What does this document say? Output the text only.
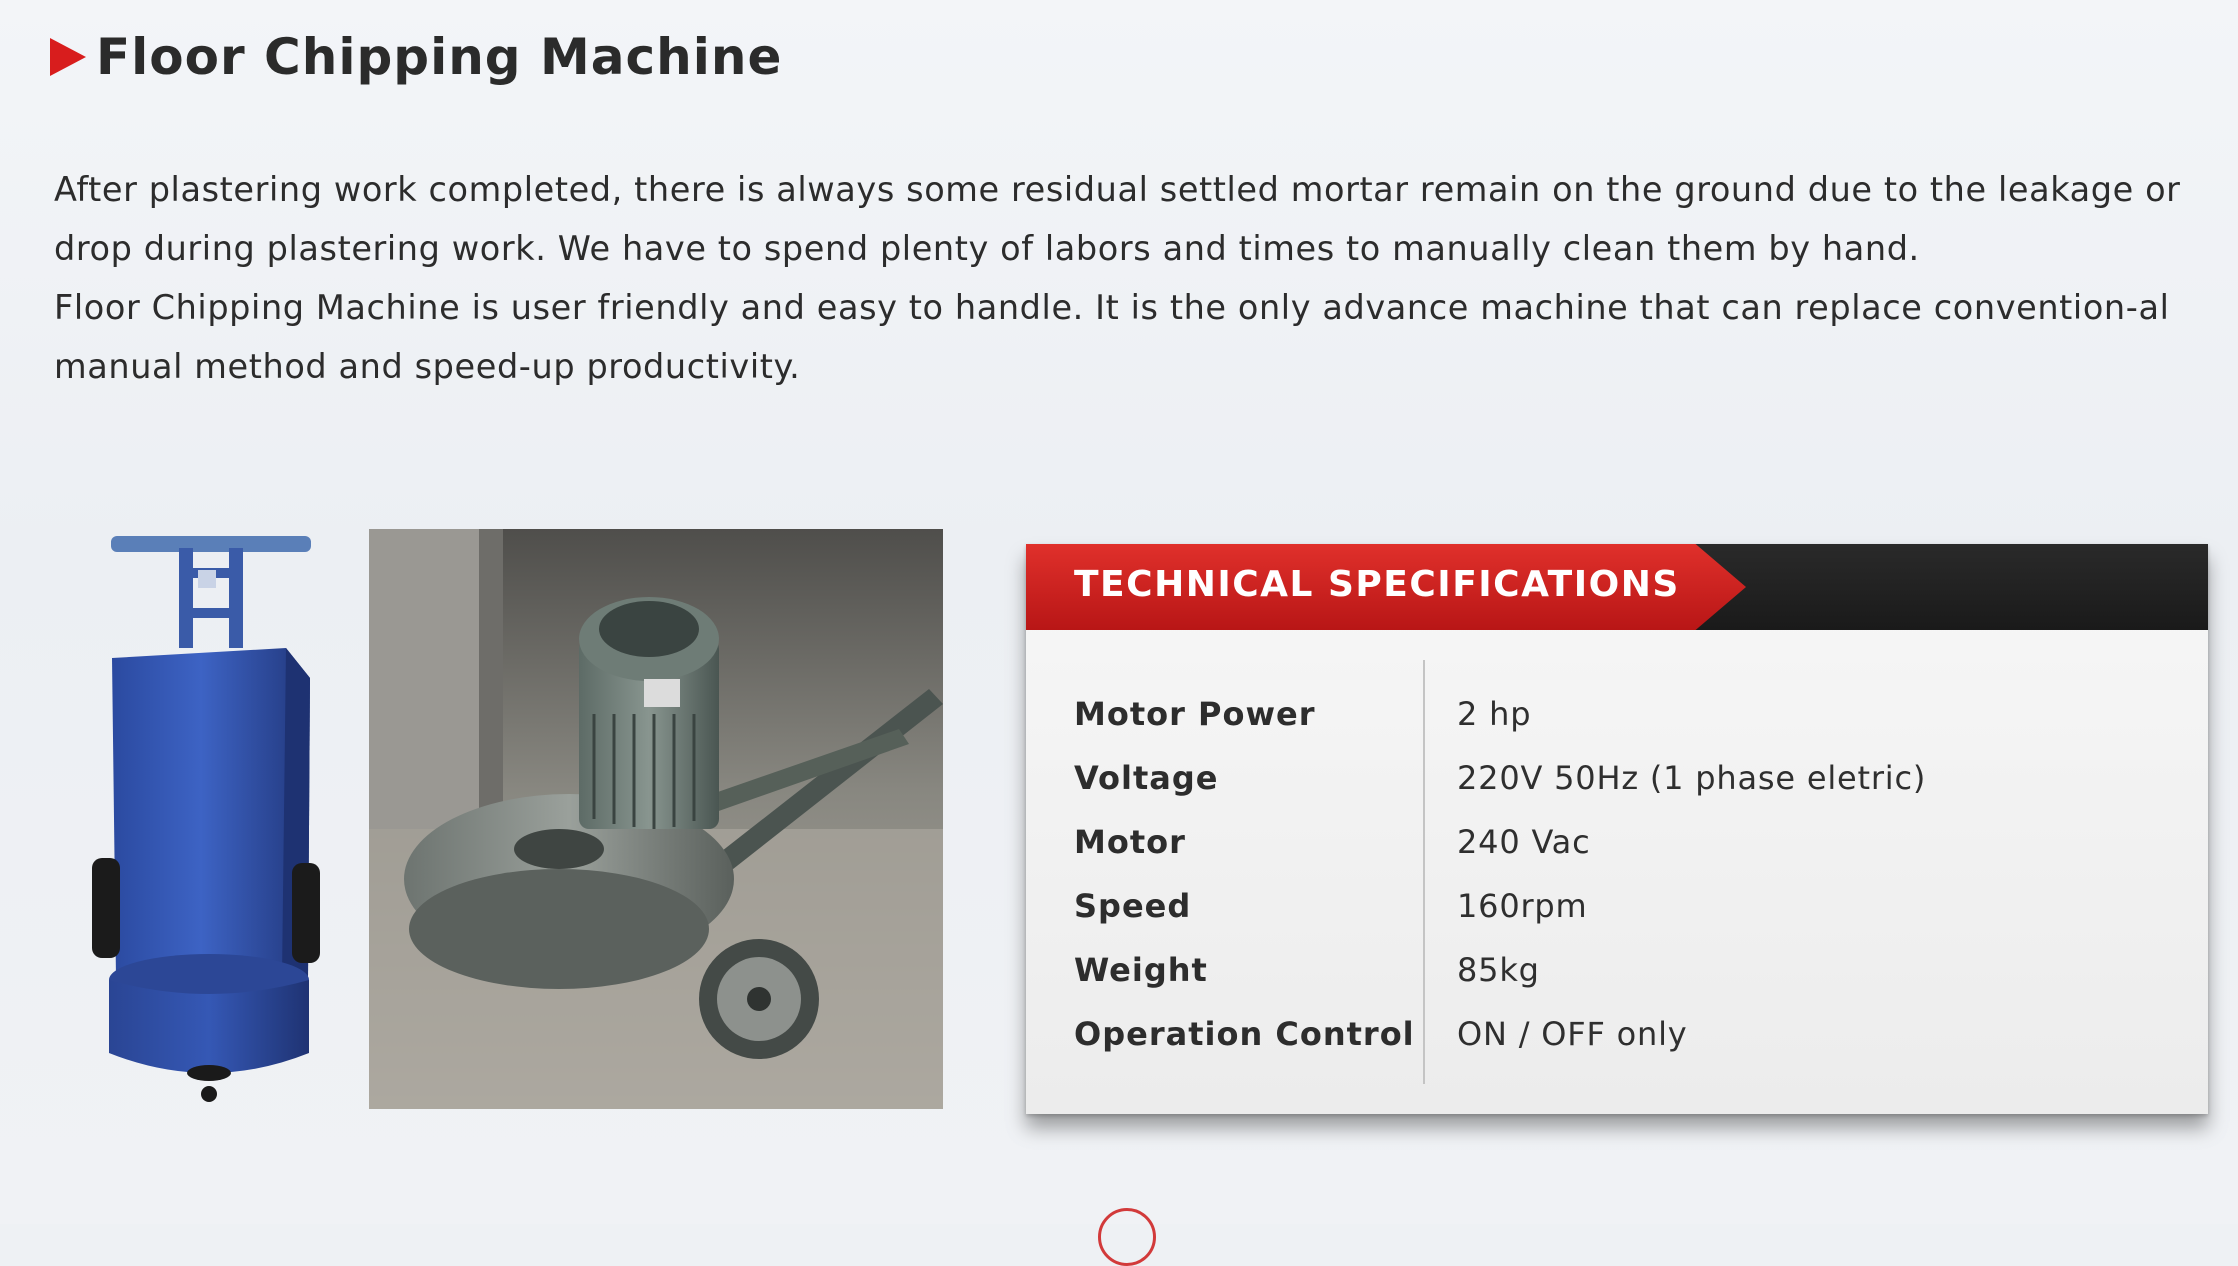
Floor Chipping Machine

After plastering work completed, there is always some residual settled mortar remain on the ground due to the leakage or drop during plastering work. We have to spend plenty of labors and times to manually clean them by hand.

Floor Chipping Machine is user friendly and easy to handle. It is the only advance machine that can replace convention-al manual method and speed-up productivity.

TECHNICAL SPECIFICATIONS
Motor Power	2 hp
Voltage	220V 50Hz (1 phase eletric)
Motor	240 Vac
Speed	160rpm
Weight	85kg
Operation Control	ON / OFF only
